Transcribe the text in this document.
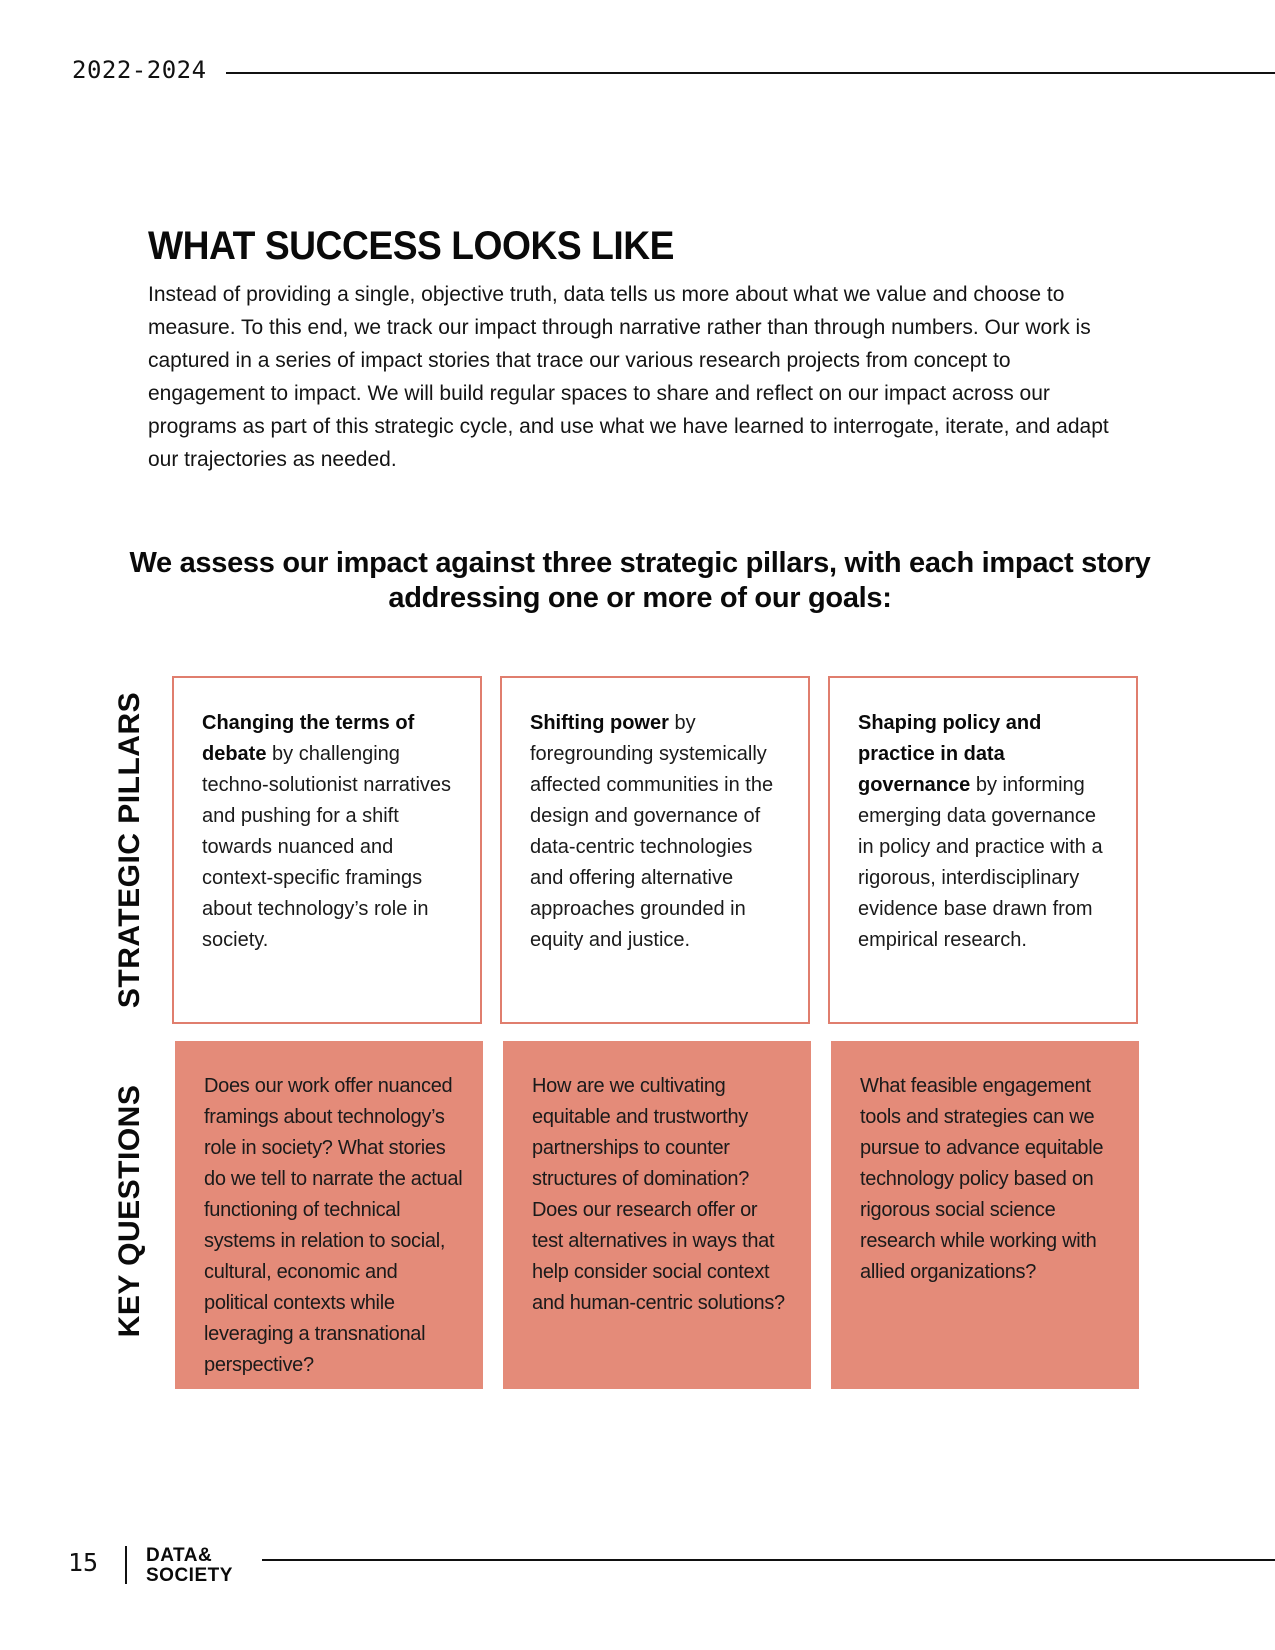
2022-2024
WHAT SUCCESS LOOKS LIKE

Instead of providing a single, objective truth, data tells us more about what we value and choose to measure. To this end, we track our impact through narrative rather than through numbers. Our work is captured in a series of impact stories that trace our various research projects from concept to engagement to impact. We will build regular spaces to share and reflect on our impact across our programs as part of this strategic cycle, and use what we have learned to interrogate, iterate, and adapt our trajectories as needed.

We assess our impact against three strategic pillars, with each impact story addressing one or more of our goals:

STRATEGIC PILLARS
KEY QUESTIONS
Changing the terms of debate by challenging techno-solutionist narratives and pushing for a shift towards nuanced and context-specific framings about technology’s role in society.
Shifting power by foregrounding systemically affected communities in the design and governance of data-centric technologies and offering alternative approaches grounded in equity and justice.
Shaping policy and practice in data governance by informing emerging data governance in policy and practice with a rigorous, interdisciplinary evidence base drawn from empirical research.
Does our work offer nuanced framings about technology’s role in society? What stories do we tell to narrate the actual functioning of technical systems in relation to social, cultural, economic and political contexts while leveraging a transnational perspective?
How are we cultivating equitable and trustworthy partnerships to counter structures of domination? Does our research offer or test alternatives in ways that help consider social context and human-centric solutions?
What feasible engagement tools and strategies can we pursue to advance equitable technology policy based on rigorous social science research while working with allied organizations?
15	DATA&
SOCIETY
